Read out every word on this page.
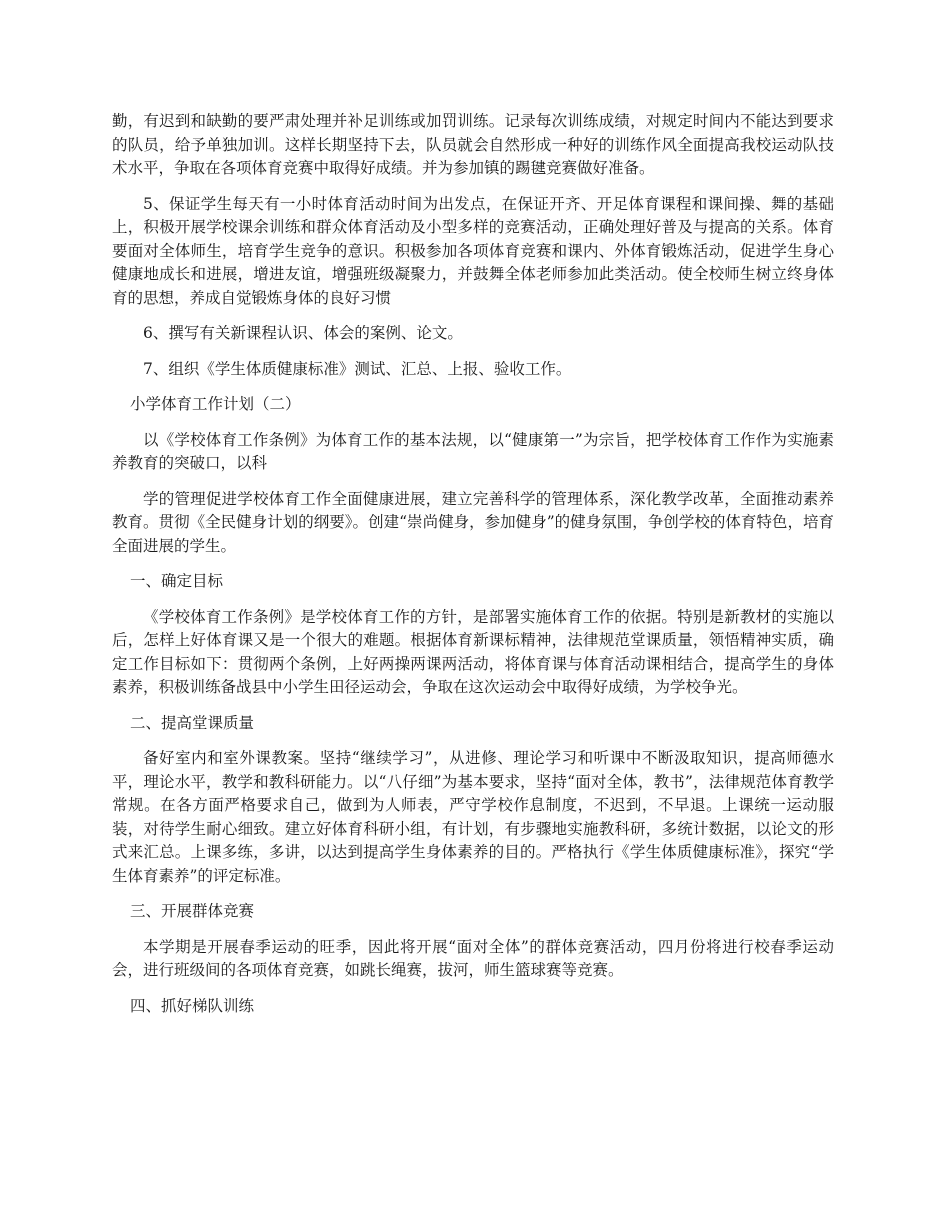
勤，有迟到和缺勤的要严肃处理并补足训练或加罚训练。记录每次训练成绩，对规定时间内不能达到要求的队员，给予单独加训。这样长期坚持下去，队员就会自然形成一种好的训练作风全面提高我校运动队技术水平，争取在各项体育竞赛中取得好成绩。并为参加镇的踢毽竞赛做好准备。

5、保证学生每天有一小时体育活动时间为出发点，在保证开齐、开足体育课程和课间操、舞的基础上，积极开展学校课余训练和群众体育活动及小型多样的竞赛活动，正确处理好普及与提高的关系。体育要面对全体师生，培育学生竞争的意识。积极参加各项体育竞赛和课内、外体育锻炼活动，促进学生身心健康地成长和进展，增进友谊，增强班级凝聚力，并鼓舞全体老师参加此类活动。使全校师生树立终身体育的思想，养成自觉锻炼身体的良好习惯

6、撰写有关新课程认识、体会的案例、论文。

7、组织《学生体质健康标准》测试、汇总、上报、验收工作。

小学体育工作计划（二）

以《学校体育工作条例》为体育工作的基本法规，以“健康第一”为宗旨，把学校体育工作作为实施素养教育的突破口，以科

学的管理促进学校体育工作全面健康进展，建立完善科学的管理体系，深化教学改革，全面推动素养教育。贯彻《全民健身计划的纲要》。创建“崇尚健身，参加健身”的健身氛围，争创学校的体育特色，培育全面进展的学生。

一、确定目标

《学校体育工作条例》是学校体育工作的方针，是部署实施体育工作的依据。特别是新教材的实施以后，怎样上好体育课又是一个很大的难题。根据体育新课标精神，法律规范堂课质量，领悟精神实质，确定工作目标如下：贯彻两个条例，上好两操两课两活动，将体育课与体育活动课相结合，提高学生的身体素养，积极训练备战县中小学生田径运动会，争取在这次运动会中取得好成绩，为学校争光。

二、提高堂课质量

备好室内和室外课教案。坚持“继续学习”，从进修、理论学习和听课中不断汲取知识，提高师德水平，理论水平，教学和教科研能力。以“八仔细”为基本要求，坚持“面对全体，教书”，法律规范体育教学常规。在各方面严格要求自己，做到为人师表，严守学校作息制度，不迟到，不早退。上课统一运动服装，对待学生耐心细致。建立好体育科研小组，有计划，有步骤地实施教科研，多统计数据，以论文的形式来汇总。上课多练，多讲，以达到提高学生身体素养的目的。严格执行《学生体质健康标准》，探究“学生体育素养”的评定标准。

三、开展群体竞赛

本学期是开展春季运动的旺季，因此将开展“面对全体”的群体竞赛活动，四月份将进行校春季运动会，进行班级间的各项体育竞赛，如跳长绳赛，拔河，师生篮球赛等竞赛。

四、抓好梯队训练
